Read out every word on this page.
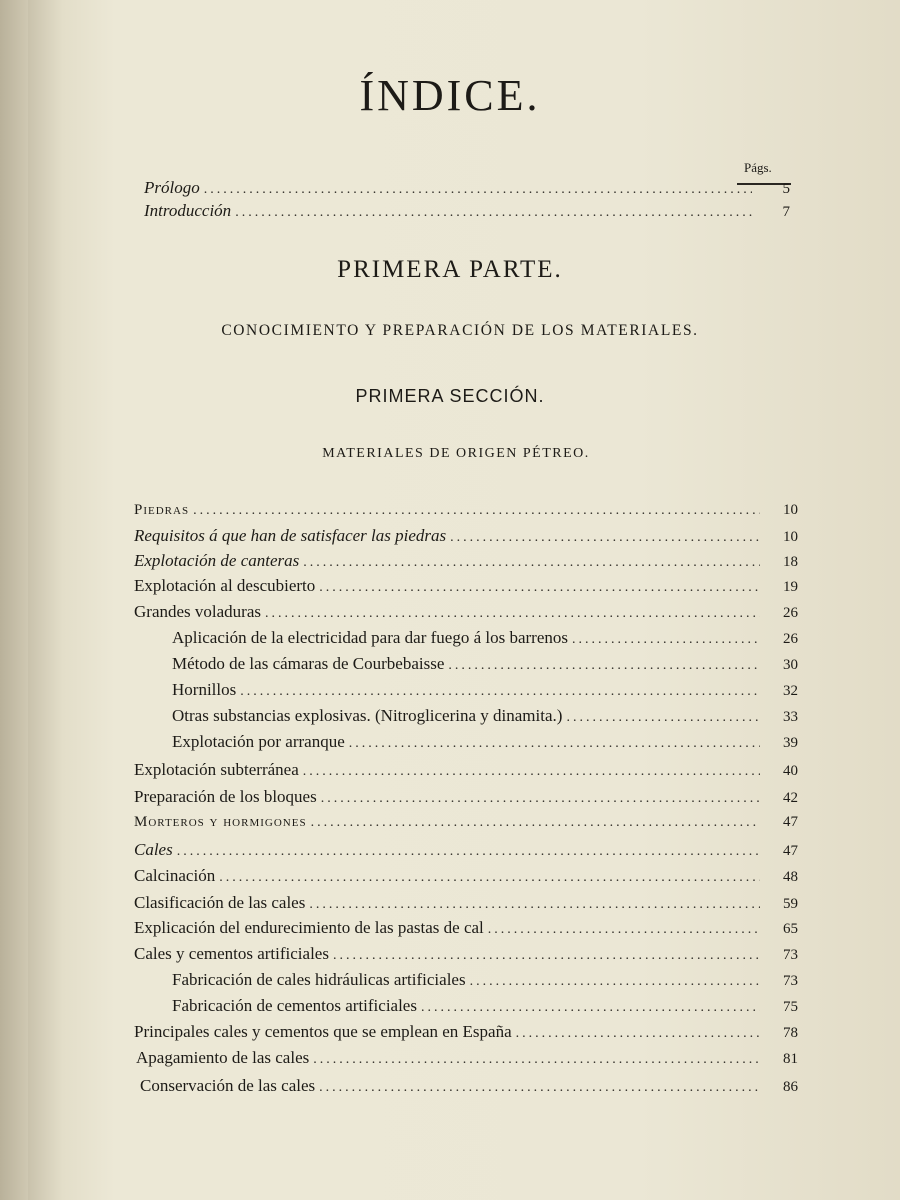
ÍNDICE.
Págs.
Prólogo .....	5
Introducción .....	7
PRIMERA PARTE.
CONOCIMIENTO Y PREPARACIÓN DE LOS MATERIALES.
PRIMERA SECCIÓN.
MATERIALES DE ORIGEN PÉTREO.
Piedras .....	10
Requisitos á que han de satisfacer las piedras .....	10
Explotación de canteras .....	18
Explotación al descubierto .....	19
Grandes voladuras .....	26
Aplicación de la electricidad para dar fuego á los barrenos .....	26
Método de las cámaras de Courbebaisse .....	30
Hornillos .....	32
Otras substancias explosivas. (Nitroglicerina y dinamita.) .....	33
Explotación por arranque .....	39
Explotación subterránea .....	40
Preparación de los bloques .....	42
Morteros y hormigones .....	47
Cales .....	47
Calcinación .....	48
Clasificación de las cales .....	59
Explicación del endurecimiento de las pastas de cal .....	65
Cales y cementos artificiales .....	73
Fabricación de cales hidráulicas artificiales .....	73
Fabricación de cementos artificiales .....	75
Principales cales y cementos que se emplean en España .....	78
Apagamiento de las cales .....	81
Conservación de las cales .....	86
